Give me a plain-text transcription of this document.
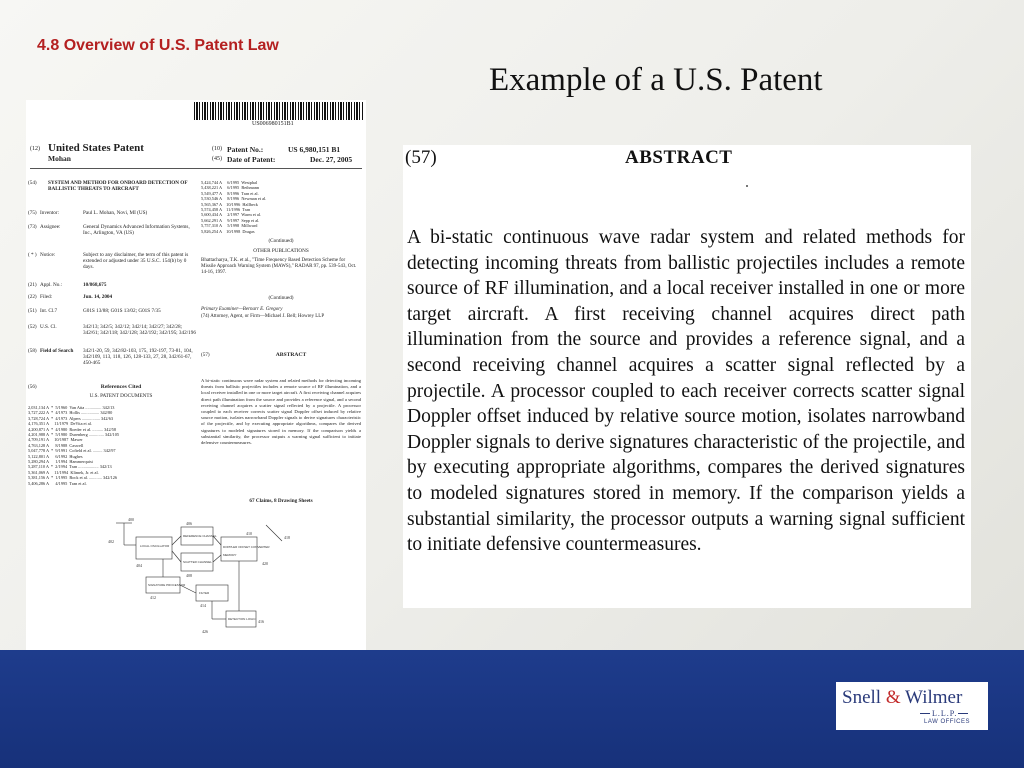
4.8 Overview of U.S. Patent Law
Example of a U.S. Patent
US006980151B1
(12) United States Patent
Mohan
(10) Patent No.:	US 6,980,151 B1
(45) Date of Patent:	Dec. 27, 2005
(54) SYSTEM AND METHOD FOR ONBOARD DETECTION OF BALLISTIC THREATS TO AIRCRAFT
(75) Inventor:	Paul L. Mohan, Novi, MI (US)
(73) Assignee:	General Dynamics Advanced Information Systems, Inc., Arlington, VA (US)
( * ) Notice:	Subject to any disclaimer, the term of this patent is extended or adjusted under 35 U.S.C. 154(b) by 0 days.
(21) Appl. No.:	10/868,675
(22) Filed:	Jun. 14, 2004
(51) Int. Cl.7	G01S 13/88; G01S 13/02; G01S 7/35
(52) U.S. Cl.	342/13; 342/5; 342/12; 342/14; 342/27; 342/28; 342/61; 342/118; 342/128; 342/192; 342/195; 342/196
(58) Field of Search 342/1-20, 59, 342/82-103, 175, 192-197, 73-81, 104, 342/109, 113, 118, 126, 128-133, 27, 28, 342/61-67, 450-465
(56)	References Cited
U.S. PATENT DOCUMENTS
2,031,134 A  *  5/1960  Van Atta ............... 342/13
3,727,222 A  *  4/1973  Hollis ................. 342/80
3,728,724 A  *  4/1973  Alpers ................. 342/63
4,176,351 A     11/1979  DeVita et al.
4,200,871 A  *  4/1980  Roeder et al. .......... 342/58
4,201,988 A  *  5/1980  Durenberg .............. 342/105
4,709,191 A     10/1987  Mawer
4,763,128 A      8/1988  Caswell
5,047,778 A  *  9/1991  Cofield et al. ......... 342/97
5,122,801 A      6/1992  Hughes
5,280,294 A      1/1994  Hammerquist
5,287,110 A  *  2/1994  Tran ................... 342/13
5,361,069 A     11/1994  Klimek, Jr. et al.
5,381,156 A  *  1/1995  Bock et al. ............ 342/126
5,406,286 A      4/1995  Tran et al.
5,424,744 A     6/1995  Westphal
5,438,221 A     6/1995  Bethmann
5,549,477 A     8/1996  Tran et al.
5,530,546 A     8/1996  Newman et al.
5,565,367 A    10/1996  Hallbeck
5,574,458 A    11/1996  Tran
5,600,434 A     2/1997  Warm et al.
5,662,291 A     9/1997  Sepp et al.
5,757,310 A     5/1998  Millward
5,826,254 A    10/1998  Dragas
(Continued)
OTHER PUBLICATIONS
Bhattacharya, T.K. et al., "Time Frequency Based Detection Scheme for Missile Approach Warning System (MAWS)," RADAR 97, pp. 539-543, Oct. 14-16, 1997.
(Continued)
Primary Examiner—Bernarr E. Gregory
(74) Attorney, Agent, or Firm—Michael J. Bell; Howrey LLP
(57)	ABSTRACT
A bi-static continuous wave radar system and related methods for detecting incoming threats from ballistic projectiles includes a remote source of RF illumination, and a local receiver installed in one or more target aircraft. A first receiving channel acquires direct path illumination from the source and provides a reference signal, and a second receiving channel acquires a scatter signal reflected by a projectile. A processor coupled to each receiver corrects scatter signal Doppler offset induced by relative source motion, isolates narrowband Doppler signals to derive signatures characteristic of the projectile, and by executing appropriate algorithms, compares the derived signatures to modeled signatures stored in memory. If the comparison yields a substantial similarity, the processor outputs a warning signal sufficient to initiate defensive countermeasures.
67 Claims, 8 Drawing Sheets
LOCAL OSCILLATOR
REFERENCE CHANNEL
SCATTER CHANNEL
DOPPLER OFFSET CONVERTER
SIGNATURE PROCESSOR
FILTER
DETECTION LOGIC
MEMORY
400
402
404
406
408
410
412
414
416
418
420
426
(57)	ABSTRACT
A bi-static continuous wave radar system and related methods for detecting incoming threats from ballistic projectiles includes a remote source of RF illumination, and a local receiver installed in one or more target aircraft. A first receiving channel acquires direct path illumination from the source and provides a reference signal, and a second receiving channel acquires a scatter signal reflected by a projectile. A processor coupled to each receiver corrects scatter signal Doppler offset induced by relative source motion, isolates narrowband Doppler signals to derive signatures characteristic of the projectile, and by executing appropriate algorithms, compares the derived signatures to modeled signatures stored in memory. If the comparison yields a substantial similarity, the processor outputs a warning signal sufficient to initiate defensive countermeasures.
Snell & Wilmer
L.L.P.
LAW OFFICES
